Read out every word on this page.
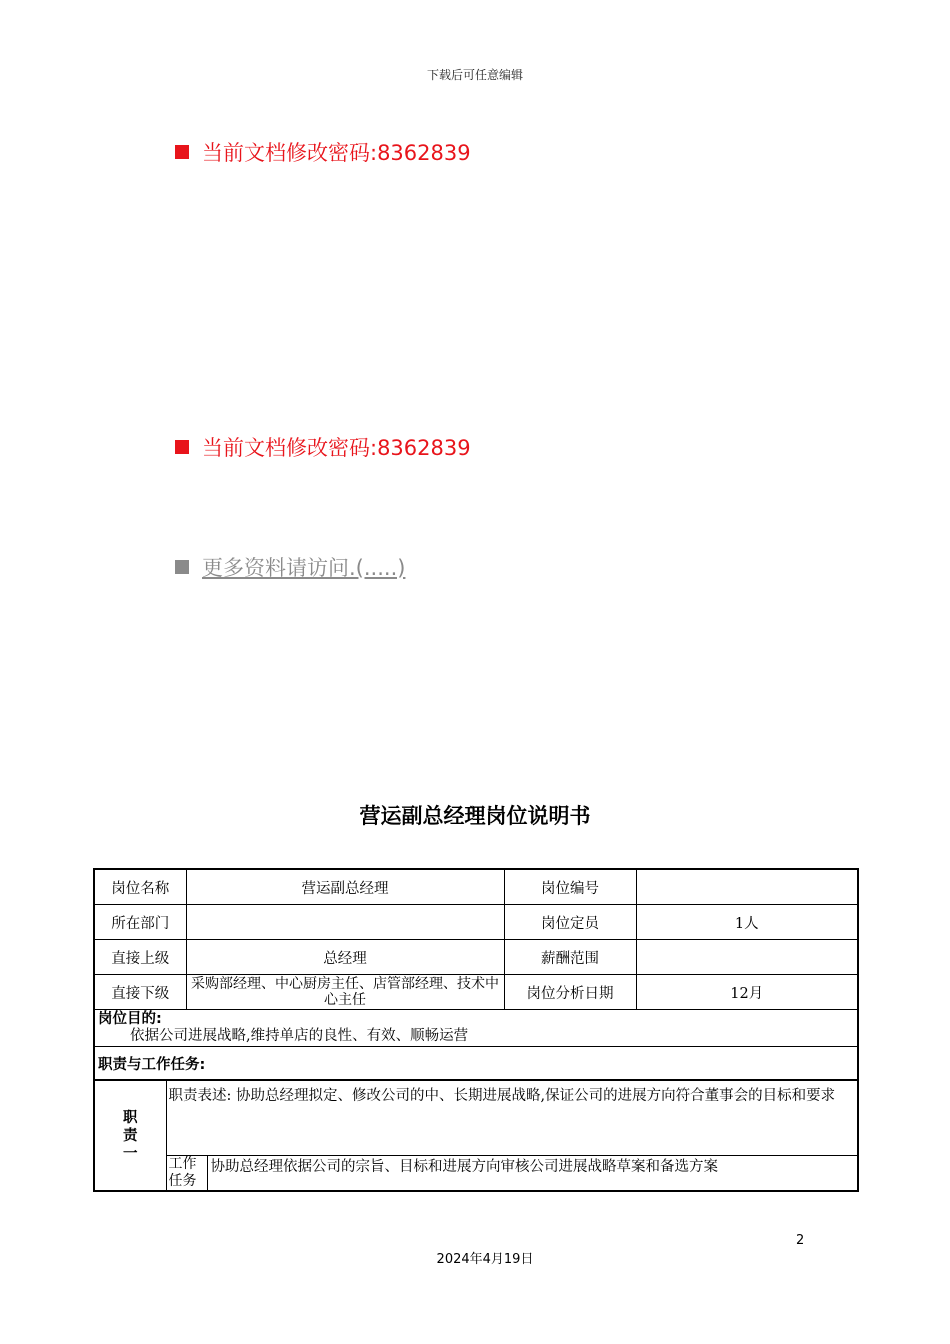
下载后可任意编辑
当前文档修改密码:8362839
当前文档修改密码:8362839
更多资料请访问.(.....)
营运副总经理岗位说明书
岗位名称		营运副总经理		岗位编号	
所在部门				岗位定员	1人
直接上级		总经理		薪酬范围	
直接下级		采购部经理、中心厨房主任、店管部经理、技术中心主任		岗位分析日期	12月

岗位目的:
依据公司进展战略,维持单店的良性、有效、顺畅运营					

职责与工作任务:					

职责一	职责表述: 协助总经理拟定、修改公司的中、长期进展战略,保证公司的进展方向符合董事会的目标和要求				

	工作任务		协助总经理依据公司的宗旨、目标和进展方向审核公司进展战略草案和备选方案		
2
2024年4月19日
